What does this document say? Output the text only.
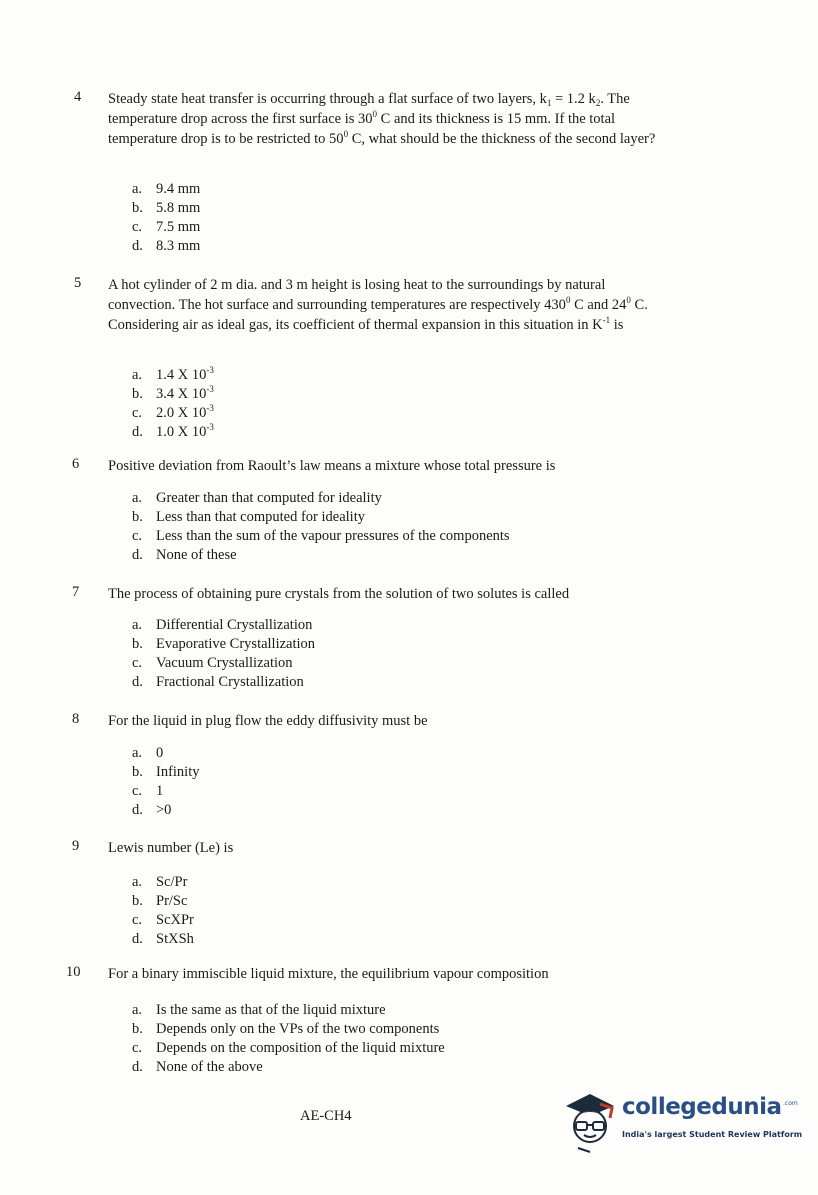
4 Steady state heat transfer is occurring through a flat surface of two layers, $k_1 = 1.2$ $k_2$. The temperature drop across the first surface is $30^0$ C and its thickness is 15 mm. If the total temperature drop is to be restricted to $50^0$ C, what should be the thickness of the second layer?
a. 9.4 mm
b. 5.8 mm
c. 7.5 mm
d. 8.3 mm
5 A hot cylinder of 2 m dia. and 3 m height is losing heat to the surroundings by natural convection. The hot surface and surrounding temperatures are respectively $430^0$ C and $24^0$ C. Considering air as ideal gas, its coefficient of thermal expansion in this situation in $K^{-1}$ is
a. 1.4 X $10^{-3}$
b. 3.4 X $10^{-3}$
c. 2.0 X $10^{-3}$
d. 1.0 X $10^{-3}$
6 Positive deviation from Raoult’s law means a mixture whose total pressure is
a. Greater than that computed for ideality
b. Less than that computed for ideality
c. Less than the sum of the vapour pressures of the components
d. None of these
7 The process of obtaining pure crystals from the solution of two solutes is called
a. Differential Crystallization
b. Evaporative Crystallization
c. Vacuum Crystallization
d. Fractional Crystallization
8 For the liquid in plug flow the eddy diffusivity must be
a. 0
b. Infinity
c. 1
d. >0
9 Lewis number (Le) is
a. Sc/Pr
b. Pr/Sc
c. ScXPr
d. StXSh
10 For a binary immiscible liquid mixture, the equilibrium vapour composition
a. Is the same as that of the liquid mixture
b. Depends only on the VPs of the two components
c. Depends on the composition of the liquid mixture
d. None of the above
AE-CH4	collegedunia .com
India's largest Student Review Platform
